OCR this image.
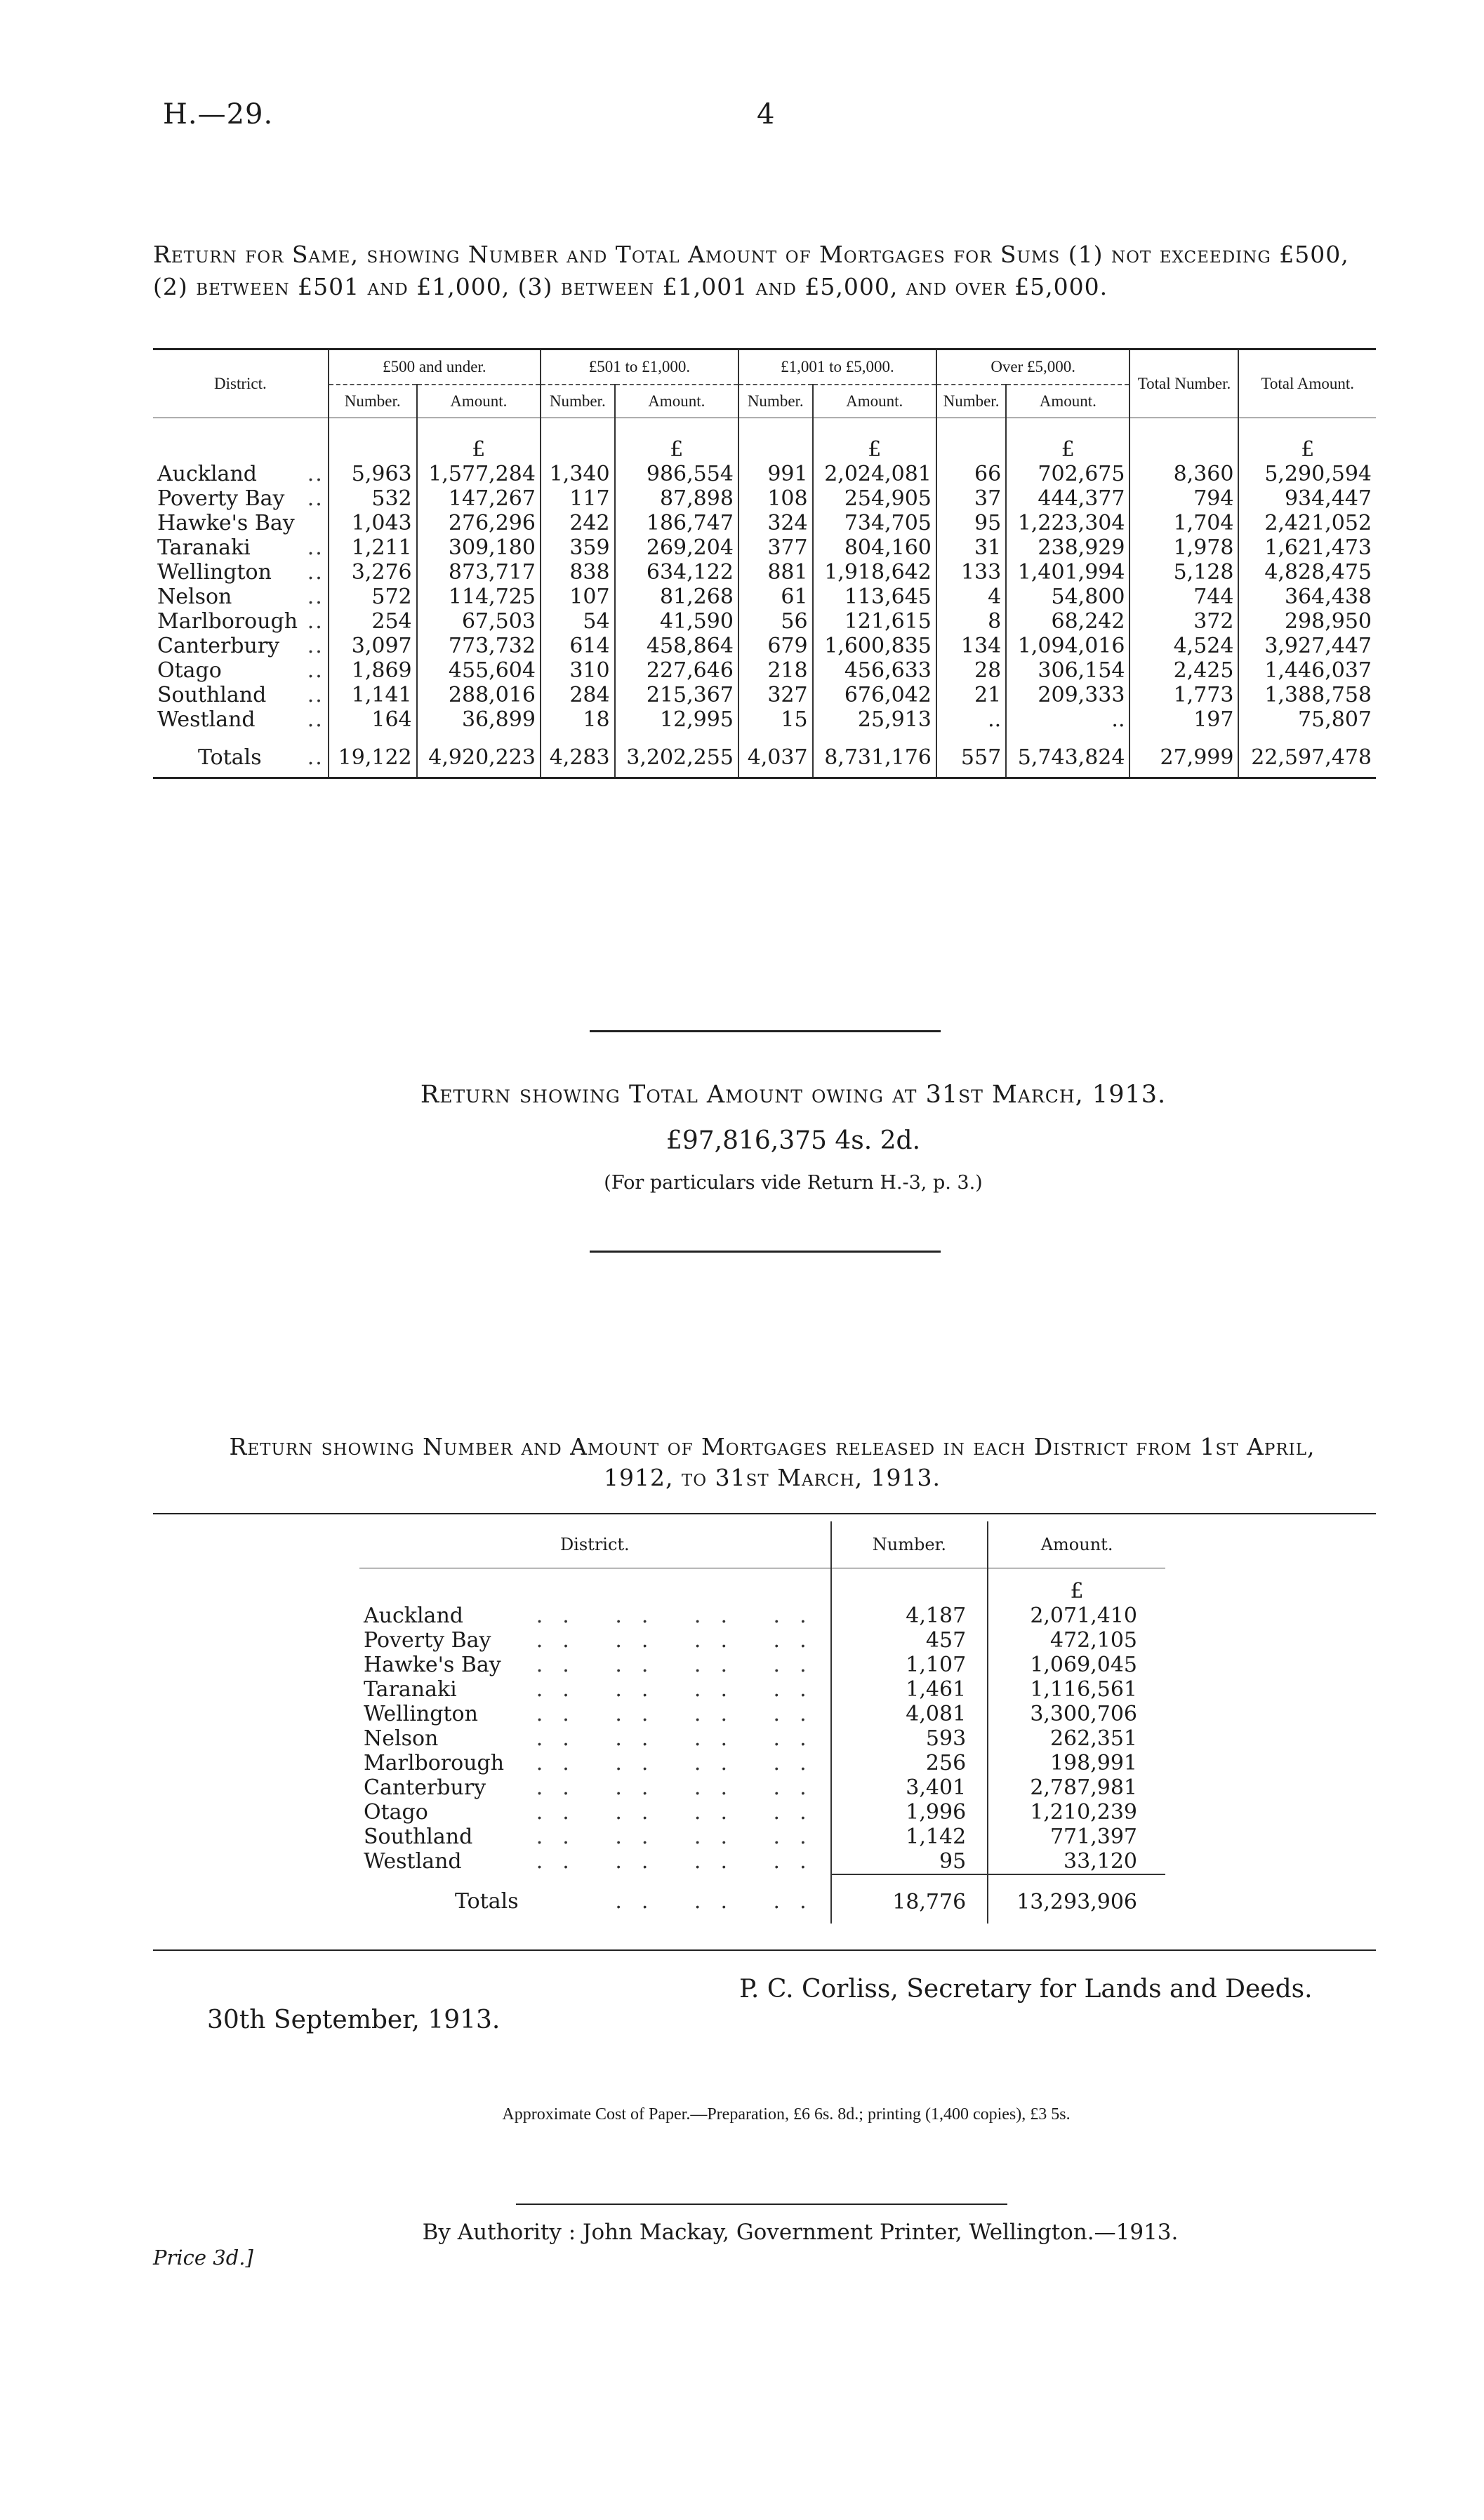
H.—29.	4
Return for Same, showing Number and Total Amount of Mortgages for Sums (1) not exceeding £500, (2) between £501 and £1,000, (3) between £1,001 and £5,000, and over £5,000.
District.	£500 and under.		£501 to £1,000.		£1,001 to £5,000.		Over £5,000.		Total Number.	Total Amount.
	Number.	Amount.	Number.	Amount.	Number.	Amount.	Number.	Amount.		
		£		£		£		£		£
Auckland ..	5,963	1,577,284	1,340	986,554	991	2,024,081	66	702,675	8,360	5,290,594
Poverty Bay ..	532	147,267	117	87,898	108	254,905	37	444,377	794	934,447
Hawke's Bay	1,043	276,296	242	186,747	324	734,705	95	1,223,304	1,704	2,421,052
Taranaki ..	1,211	309,180	359	269,204	377	804,160	31	238,929	1,978	1,621,473
Wellington ..	3,276	873,717	838	634,122	881	1,918,642	133	1,401,994	5,128	4,828,475
Nelson ..	572	114,725	107	81,268	61	113,645	4	54,800	744	364,438
Marlborough ..	254	67,503	54	41,590	56	121,615	8	68,242	372	298,950
Canterbury ..	3,097	773,732	614	458,864	679	1,600,835	134	1,094,016	4,524	3,927,447
Otago ..	1,869	455,604	310	227,646	218	456,633	28	306,154	2,425	1,446,037
Southland ..	1,141	288,016	284	215,367	327	676,042	21	209,333	1,773	1,388,758
Westland ..	164	36,899	18	12,995	15	25,913	..	..	197	75,807
Totals ..	19,122	4,920,223	4,283	3,202,255	4,037	8,731,176	557	5,743,824	27,999	22,597,478
Return showing Total Amount owing at 31st March, 1913.
£97,816,375 4s. 2d.
(For particulars vide Return H.-3, p. 3.)
Return showing Number and Amount of Mortgages released in each District from 1st April,
1912, to 31st March, 1913.
District.	Number.	Amount.
		£
Auckland .. .. .. ..	4,187	2,071,410
Poverty Bay .. .. .. ..	457	472,105
Hawke's Bay .. .. .. ..	1,107	1,069,045
Taranaki .. .. .. ..	1,461	1,116,561
Wellington .. .. .. ..	4,081	3,300,706
Nelson .. .. .. ..	593	262,351
Marlborough .. .. .. ..	256	198,991
Canterbury .. .. .. ..	3,401	2,787,981
Otago .. .. .. ..	1,996	1,210,239
Southland .. .. .. ..	1,142	771,397
Westland .. .. .. ..	95	33,120
Totals .. .. ..	18,776	13,293,906
P. C. Corliss, Secretary for Lands and Deeds.
30th September, 1913.
Approximate Cost of Paper.—Preparation, £6 6s. 8d.; printing (1,400 copies), £3 5s.
By Authority : John Mackay, Government Printer, Wellington.—1913.
Price 3d.]
